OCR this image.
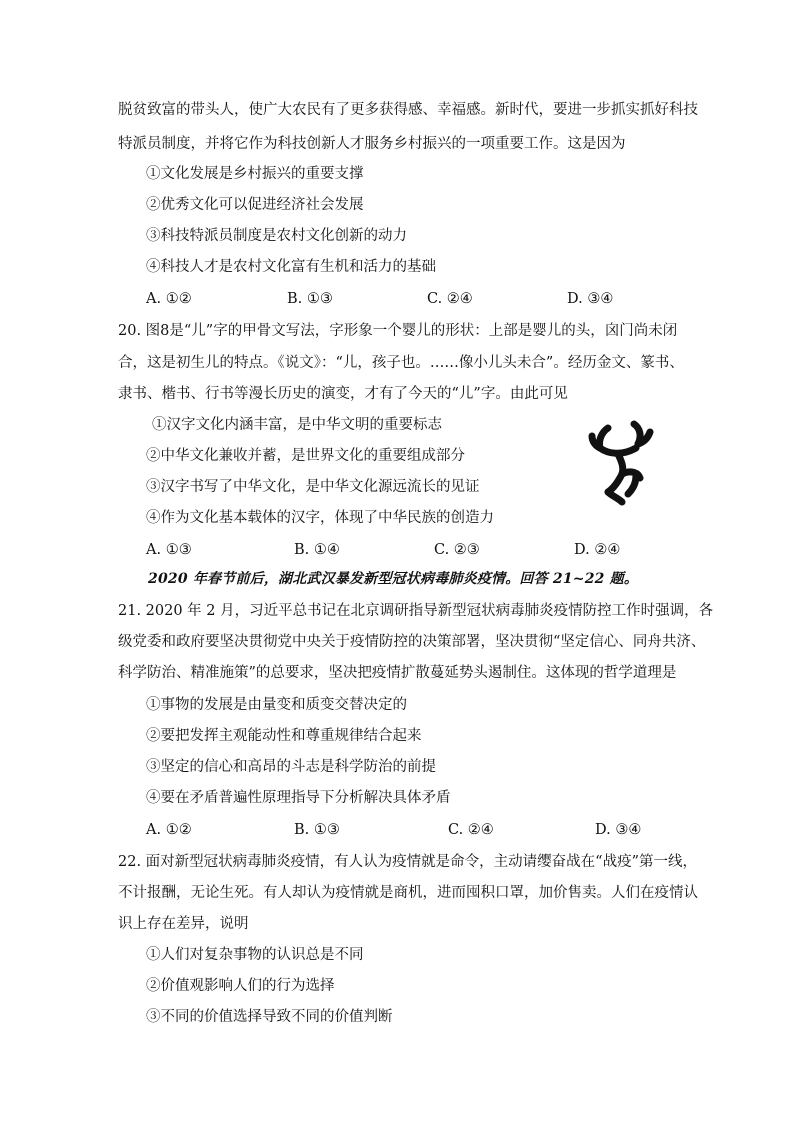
脱贫致富的带头人，使广大农民有了更多获得感、幸福感。新时代，要进一步抓实抓好科技
特派员制度，并将它作为科技创新人才服务乡村振兴的一项重要工作。这是因为
①文化发展是乡村振兴的重要支撑
②优秀文化可以促进经济社会发展
③科技特派员制度是农村文化创新的动力
④科技人才是农村文化富有生机和活力的基础
A. ①②	B. ①③	C. ②④	D. ③④
20. 图8是“儿”字的甲骨文写法，字形象一个婴儿的形状：上部是婴儿的头，囟门尚未闭
合，这是初生儿的特点。《说文》：“儿，孩子也。……像小儿头未合”。经历金文、篆书、
隶书、楷书、行书等漫长历史的演变，才有了今天的“儿”字。由此可见
①汉字文化内涵丰富，是中华文明的重要标志
②中华文化兼收并蓄，是世界文化的重要组成部分
③汉字书写了中华文化，是中华文化源远流长的见证
④作为文化基本载体的汉字，体现了中华民族的创造力
A. ①③	B. ①④	C. ②③	D. ②④
2020 年春节前后，湖北武汉暴发新型冠状病毒肺炎疫情。回答 21~22 题。
21. 2020 年 2 月，习近平总书记在北京调研指导新型冠状病毒肺炎疫情防控工作时强调，各
级党委和政府要坚决贯彻党中央关于疫情防控的决策部署，坚决贯彻“坚定信心、同舟共济、
科学防治、精准施策”的总要求，坚决把疫情扩散蔓延势头遏制住。这体现的哲学道理是
①事物的发展是由量变和质变交替决定的
②要把发挥主观能动性和尊重规律结合起来
③坚定的信心和高昂的斗志是科学防治的前提
④要在矛盾普遍性原理指导下分析解决具体矛盾
A. ①②	B. ①③	C. ②④	D. ③④
22. 面对新型冠状病毒肺炎疫情，有人认为疫情就是命令，主动请缨奋战在“战疫”第一线，
不计报酬，无论生死。有人却认为疫情就是商机，进而囤积口罩，加价售卖。人们在疫情认
识上存在差异，说明
①人们对复杂事物的认识总是不同
②价值观影响人们的行为选择
③不同的价值选择导致不同的价值判断
